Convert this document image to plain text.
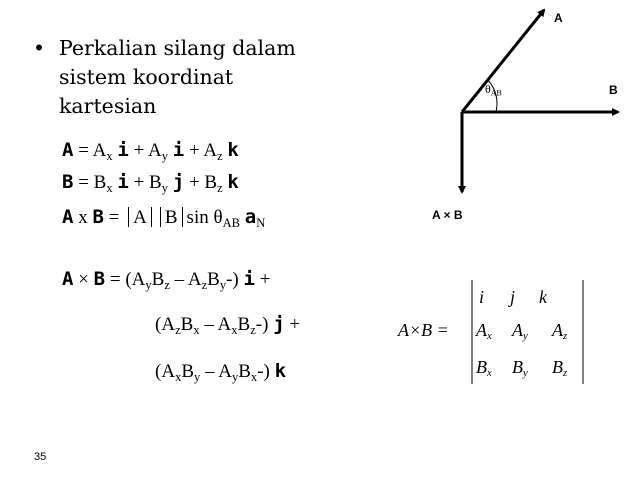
• Perkalian silang dalam
sistem koordinat
kartesian
$A = A_x$ $i + A_y$ $i + A_z$ k
$B = B_x$ $i + B_y$ $j + B_z$ k
A x B = A B $\sin \theta_{AB}$ $a_N$
$A \times B = (A_yB_z - A_zB_y-) i$ +
$(A_zB_x - A_xB_z-) j$ +
$(A_xB_y - A_yB_x-)$ k
A
B
A × B
$\theta_{AB}$
A×B =
i j k
$A_x$ $A_y$ $A_z$
$B_x$ $B_y$ $B_z$
35
